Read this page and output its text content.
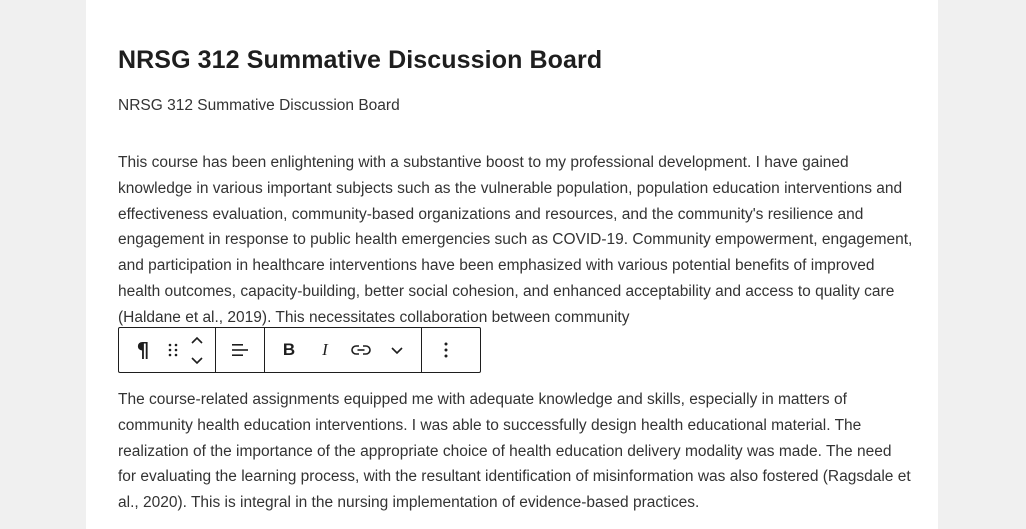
NRSG 312 Summative Discussion Board

NRSG 312 Summative Discussion Board

This course has been enlightening with a substantive boost to my professional development. I have gained knowledge in various important subjects such as the vulnerable population, population education interventions and effectiveness evaluation, community-based organizations and resources, and the community's resilience and engagement in response to public health emergencies such as COVID-19. Community empowerment, engagement, and participation in healthcare interventions have been emphasized with various potential benefits of improved health outcomes, capacity-building, better social cohesion, and enhanced acceptability and access to quality care (Haldane et al., 2019). This necessitates collaboration between community

¶	B I

The course-related assignments equipped me with adequate knowledge and skills, especially in matters of community health education interventions. I was able to successfully design health educational material. The realization of the importance of the appropriate choice of health education delivery modality was made. The need for evaluating the learning process, with the resultant identification of misinformation was also fostered (Ragsdale et al., 2020). This is integral in the nursing implementation of evidence-based practices.
